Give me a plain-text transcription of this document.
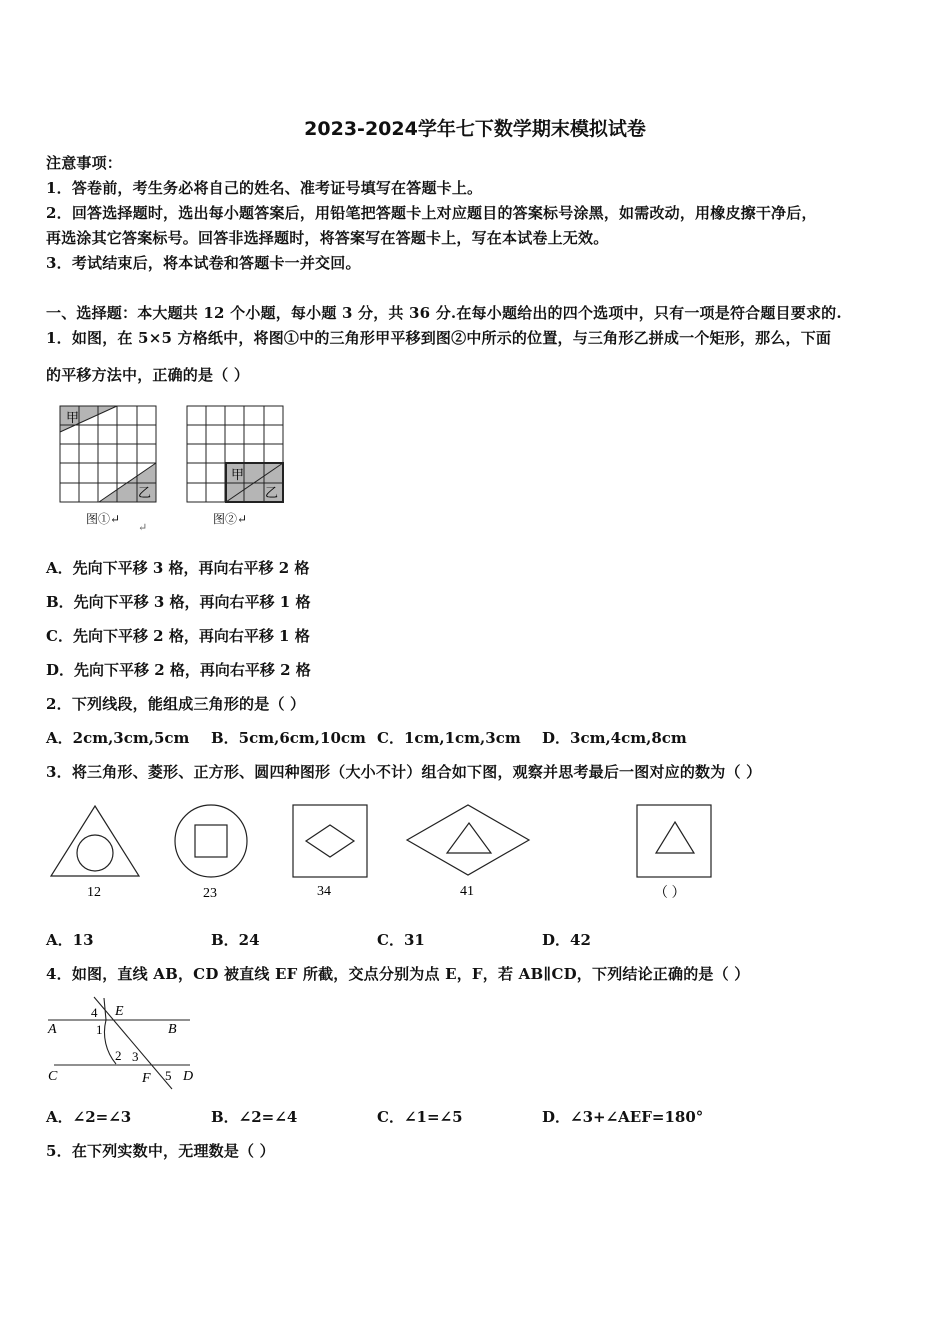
2023-2024学年七下数学期末模拟试卷
注意事项：
1．答卷前，考生务必将自己的姓名、准考证号填写在答题卡上。
2．回答选择题时，选出每小题答案后，用铅笔把答题卡上对应题目的答案标号涂黑，如需改动，用橡皮擦干净后，
再选涂其它答案标号。回答非选择题时，将答案写在答题卡上，写在本试卷上无效。
3．考试结束后，将本试卷和答题卡一并交回。
一、选择题：本大题共 12 个小题，每小题 3 分，共 36 分.在每小题给出的四个选项中，只有一项是符合题目要求的.
1．如图，在 5×5 方格纸中，将图①中的三角形甲平移到图②中所示的位置，与三角形乙拼成一个矩形，那么，下面
的平移方法中，正确的是（ ）
甲
乙
图①↵
↵
甲
乙
图②↵
A．先向下平移 3 格，再向右平移 2 格
B．先向下平移 3 格，再向右平移 1 格
C．先向下平移 2 格，再向右平移 1 格
D．先向下平移 2 格，再向右平移 2 格
2．下列线段，能组成三角形的是（ ）
A．2cm,3cm,5cm B．5cm,6cm,10cm C．1cm,1cm,3cm D．3cm,4cm,8cm
3．将三角形、菱形、正方形、圆四种图形（大小不计）组合如下图，观察并思考最后一图对应的数为（ ）
12	23	34	41	（ ）
A．13	B．24	C．31	D．42
4．如图，直线 AB，CD 被直线 EF 所截，交点分别为点 E，F，若 AB∥CD，下列结论正确的是（ ）
A	B
C	D
E
F
4
1
2 3
5
A．∠2=∠3	B．∠2=∠4	C．∠1=∠5	D．∠3+∠AEF=180°
5．在下列实数中，无理数是（ ）
